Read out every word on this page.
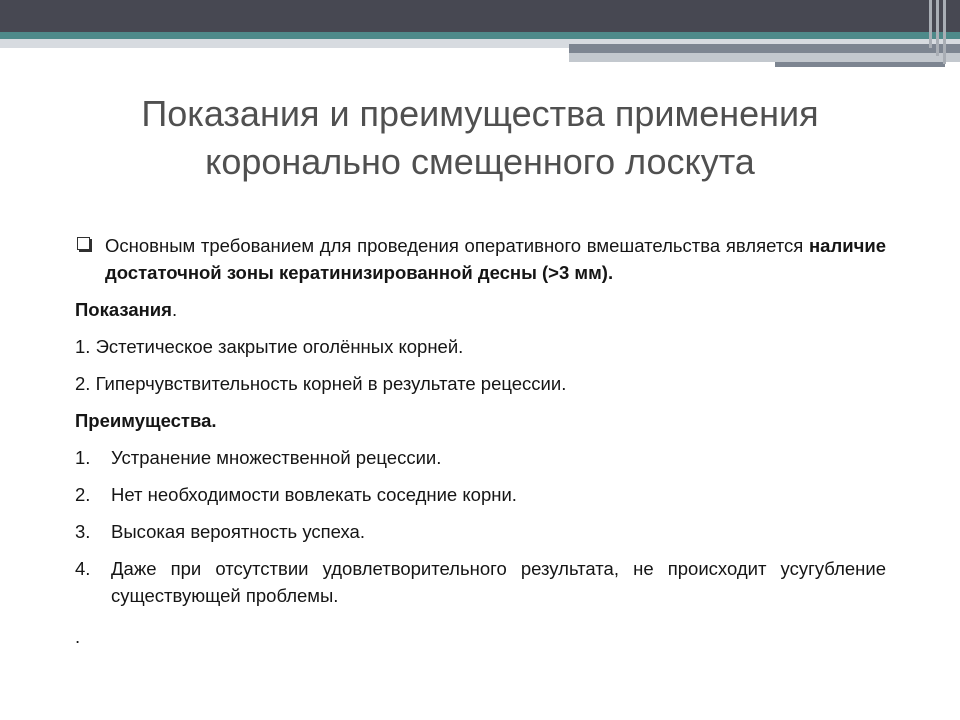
Показания и преимущества применения
коронально смещенного лоскута
Основным требованием для проведения оперативного вмешательства является наличие достаточной зоны кератинизированной десны (>3 мм).

Показания.

1. Эстетическое закрытие оголённых корней.

2. Гиперчувствительность корней в результате рецессии.

Преимущества.

1. Устранение множественной рецессии.
2. Нет необходимости вовлекать соседние корни.
3. Высокая вероятность успеха.
4. Даже при отсутствии удовлетворительного результата, не происходит усугубление существующей проблемы.
.
